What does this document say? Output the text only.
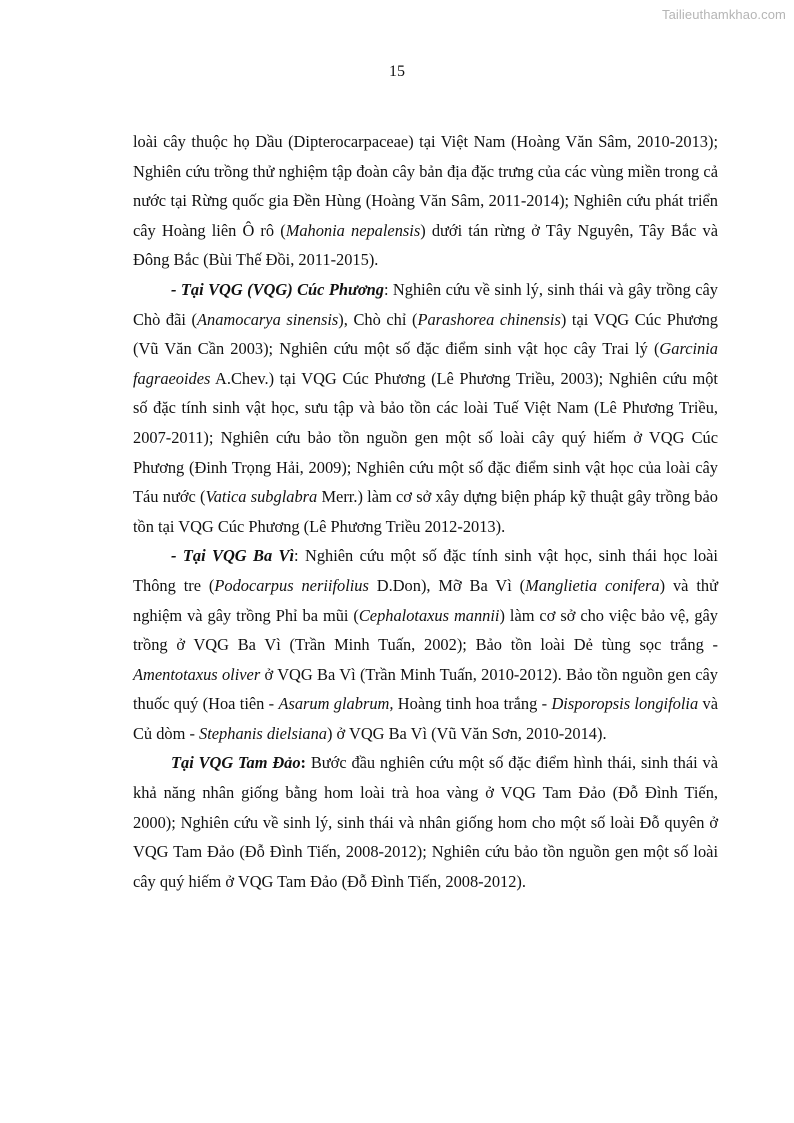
Tailieuthamkhao.com
15

loài cây thuộc họ Dầu (Dipterocarpaceae) tại Việt Nam (Hoàng Văn Sâm, 2010-2013); Nghiên cứu trồng thử nghiệm tập đoàn cây bản địa đặc trưng của các vùng miền trong cả nước tại Rừng quốc gia Đền Hùng (Hoàng Văn Sâm, 2011-2014); Nghiên cứu phát triển cây Hoàng liên Ô rô (Mahonia nepalensis) dưới tán rừng ở Tây Nguyên, Tây Bắc và Đông Bắc (Bùi Thế Đồi, 2011-2015).

- Tại VQG (VQG) Cúc Phương: Nghiên cứu về sinh lý, sinh thái và gây trồng cây Chò đãi (Anamocarya sinensis), Chò chỉ (Parashorea chinensis) tại VQG Cúc Phương (Vũ Văn Cần 2003); Nghiên cứu một số đặc điểm sinh vật học cây Trai lý (Garcinia fagraeoides A.Chev.) tại VQG Cúc Phương (Lê Phương Triều, 2003); Nghiên cứu một số đặc tính sinh vật học, sưu tập và bảo tồn các loài Tuế Việt Nam (Lê Phương Triều, 2007-2011); Nghiên cứu bảo tồn nguồn gen một số loài cây quý hiếm ở VQG Cúc Phương (Đinh Trọng Hải, 2009); Nghiên cứu một số đặc điểm sinh vật học của loài cây Táu nước (Vatica subglabra Merr.) làm cơ sở xây dựng biện pháp kỹ thuật gây trồng bảo tồn tại VQG Cúc Phương (Lê Phương Triều 2012-2013).

- Tại VQG Ba Vì: Nghiên cứu một số đặc tính sinh vật học, sinh thái học loài Thông tre (Podocarpus neriifolius D.Don), Mỡ Ba Vì (Manglietia conifera) và thử nghiệm và gây trồng Phỉ ba mũi (Cephalotaxus mannii) làm cơ sở cho việc bảo vệ, gây trồng ở VQG Ba Vì (Trần Minh Tuấn, 2002); Bảo tồn loài Dẻ tùng sọc trắng - Amentotaxus oliver ở VQG Ba Vì (Trần Minh Tuấn, 2010-2012). Bảo tồn nguồn gen cây thuốc quý (Hoa tiên - Asarum glabrum, Hoàng tinh hoa trắng - Disporopsis longifolia và Củ dòm - Stephanis dielsiana) ở VQG Ba Vì (Vũ Văn Sơn, 2010-2014).

Tại VQG Tam Đảo: Bước đầu nghiên cứu một số đặc điểm hình thái, sinh thái và khả năng nhân giống bằng hom loài trà hoa vàng ở VQG Tam Đảo (Đỗ Đình Tiến, 2000); Nghiên cứu về sinh lý, sinh thái và nhân giống hom cho một số loài Đỗ quyên ở VQG Tam Đảo (Đỗ Đình Tiến, 2008-2012); Nghiên cứu bảo tồn nguồn gen một số loài cây quý hiếm ở VQG Tam Đảo (Đỗ Đình Tiến, 2008-2012).
